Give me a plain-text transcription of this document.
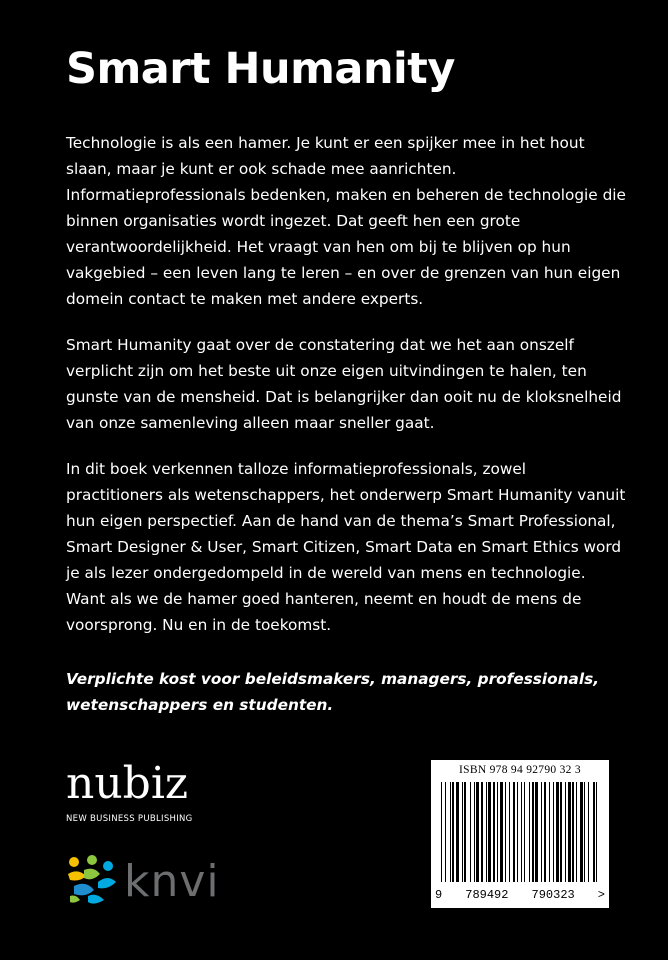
Smart Humanity

Technologie is als een hamer. Je kunt er een spijker mee in het hout slaan, maar je kunt er ook schade mee aanrichten. Informatieprofessionals bedenken, maken en beheren de technologie die binnen organisaties wordt ingezet. Dat geeft hen een grote verantwoordelijkheid. Het vraagt van hen om bij te blijven op hun vakgebied – een leven lang te leren – en over de grenzen van hun eigen domein contact te maken met andere experts.

Smart Humanity gaat over de constatering dat we het aan onszelf verplicht zijn om het beste uit onze eigen uitvindingen te halen, ten gunste van de mensheid. Dat is belangrijker dan ooit nu de kloksnelheid van onze samenleving alleen maar sneller gaat.

In dit boek verkennen talloze informatieprofessionals, zowel practitioners als wetenschappers, het onderwerp Smart Humanity vanuit hun eigen perspectief. Aan de hand van de thema’s Smart Professional, Smart Designer & User, Smart Citizen, Smart Data en Smart Ethics word je als lezer ondergedompeld in de wereld van mens en technologie. Want als we de hamer goed hanteren, neemt en houdt de mens de voorsprong. Nu en in de toekomst.

Verplichte kost voor beleidsmakers, managers, professionals, wetenschappers en studenten.

nubiz
NEW BUSINESS PUBLISHING
knvi
ISBN 978 94 92790 32 3
9 789492 790323 >
